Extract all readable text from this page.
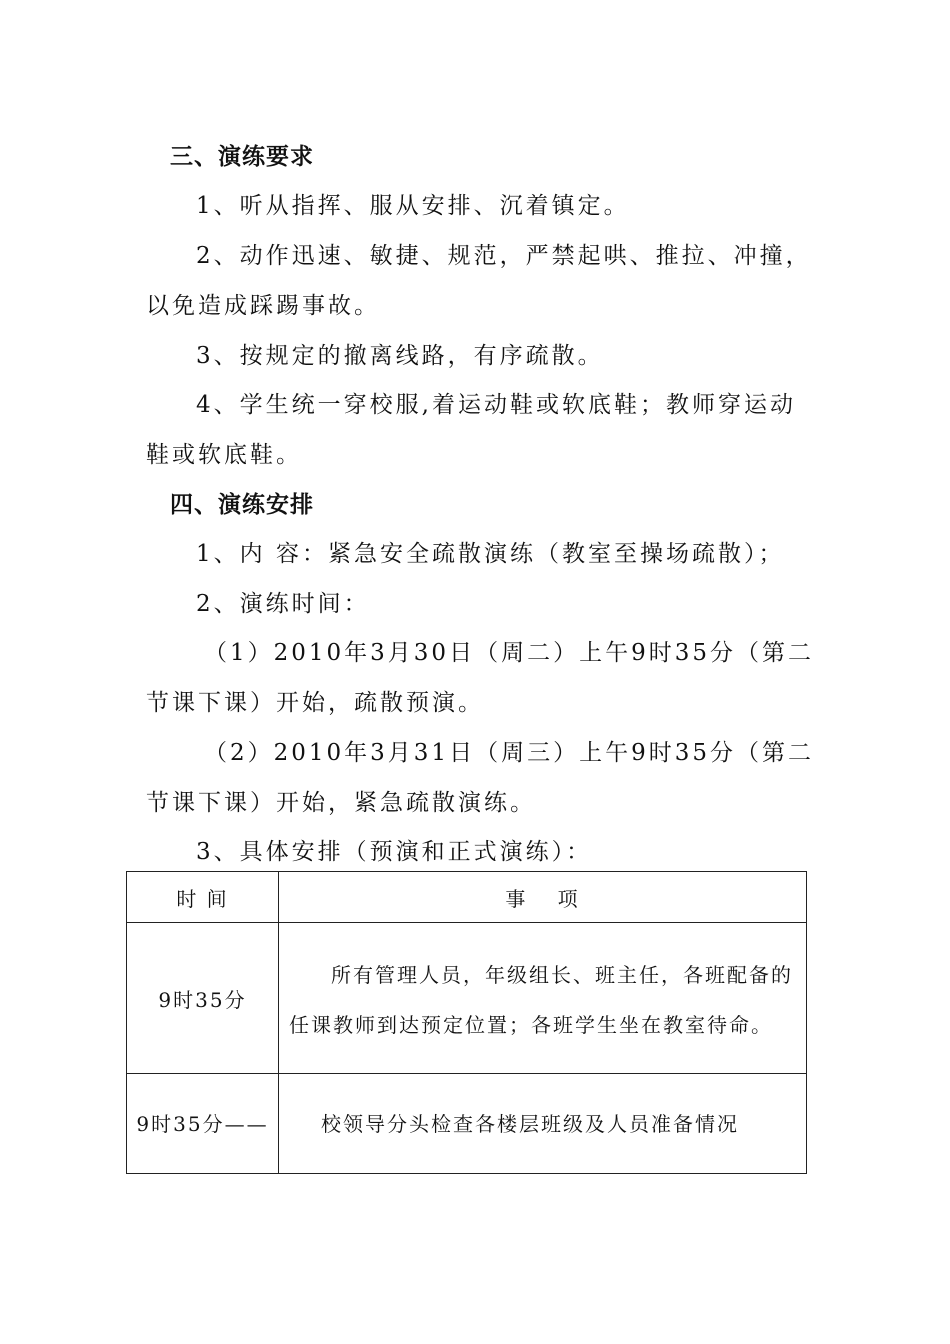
三、演练要求
1、听从指挥、服从安排、沉着镇定。
2、动作迅速、敏捷、规范，严禁起哄、推拉、冲撞，
以免造成踩踢事故。
3、按规定的撤离线路，有序疏散。
4、学生统一穿校服,着运动鞋或软底鞋；教师穿运动
鞋或软底鞋。
四、演练安排
1、内 容：紧急安全疏散演练（教室至操场疏散）；
2、演练时间：
（1）2010年3月30日（周二）上午9时35分（第二
节课下课）开始，疏散预演。
（2）2010年3月31日（周三）上午9时35分（第二
节课下课）开始，紧急疏散演练。
3、具体安排（预演和正式演练）：
时 间	事　 项
9时35分	所有管理人员，年级组长、班主任，各班配备的任课教师到达预定位置；各班学生坐在教室待命。

9时35分——	校领导分头检查各楼层班级及人员准备情况
